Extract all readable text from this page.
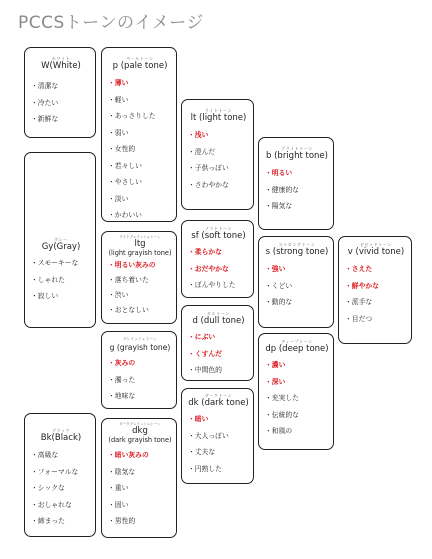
PCCSトーンのイメージ
ホワイト
W(White)
・ 清潔な
・ 冷たい
・ 新鮮な
グレー
Gy(Gray)
・ スモーキーな
・ しゃれた
・ 寂しい
ブラック
Bk(Black)
・ 高級な
・ フォーマルな
・ シックな
・ おしゃれな
・ 締まった
ペールトーン
p (pale tone)
・ 薄い
・ 軽い
・ あっさりした
・ 弱い
・ 女性的
・ 若々しい
・ やさしい
・ 淡い
・ かわいい
ライトグレイッシュトーン
ltg
(light grayish tone)
・ 明るい灰みの
・ 落ち着いた
・ 渋い
・ おとなしい
グレイッシュトーン
g (grayish tone)
・ 灰みの
・ 濁った
・ 地味な
ダークグレイッシュトーン
dkg
(dark grayish tone)
・ 暗い灰みの
・ 陰気な
・ 重い
・ 固い
・ 男性的
ライトトーン
lt (light tone)
・ 浅い
・ 澄んだ
・ 子供っぽい
・ さわやかな
ソフトトーン
sf (soft tone)
・ 柔らかな
・ おだやかな
・ ぼんやりした
ダルトーン
d (dull tone)
・ にぶい
・ くすんだ
・ 中間色的
ダークトーン
dk (dark tone)
・ 暗い
・ 大人っぽい
・ 丈夫な
・ 円熟した
ブライトトーン
b (bright tone)
・ 明るい
・ 健康的な
・ 陽気な
ストロングトーン
s (strong tone)
・ 強い
・ くどい
・ 動的な
ディープトーン
dp (deep tone)
・ 濃い
・ 深い
・ 充実した
・ 伝統的な
・ 和風の
ビビッドトーン
v (vivid tone)
・ さえた
・ 鮮やかな
・ 派手な
・ 目だつ
